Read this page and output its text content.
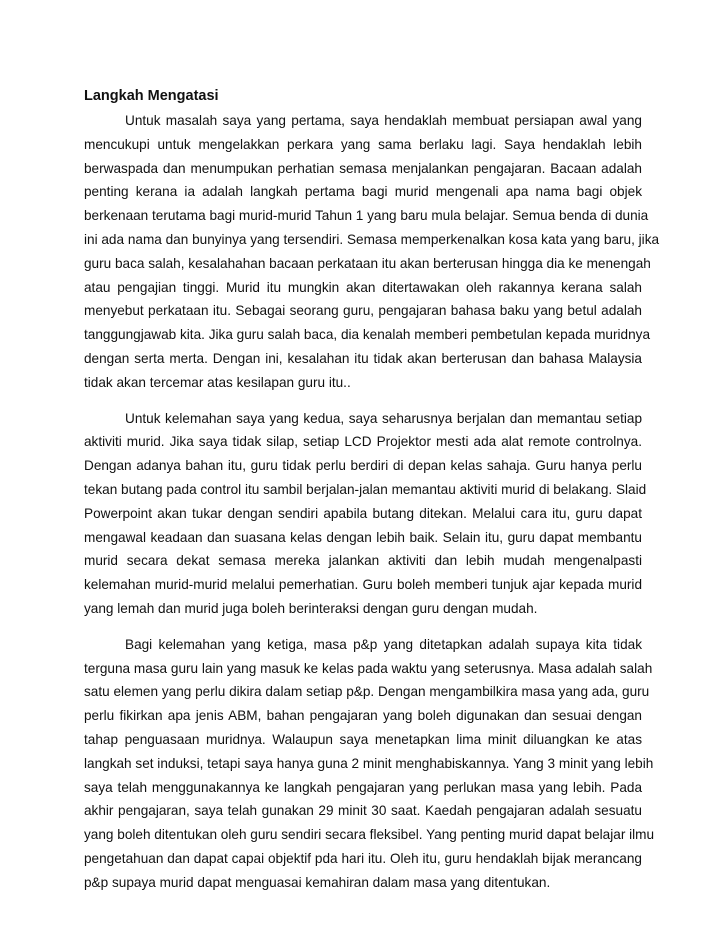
Langkah Mengatasi
Untuk masalah saya yang pertama, saya hendaklah membuat persiapan awal yang
mencukupi untuk mengelakkan perkara yang sama berlaku lagi. Saya hendaklah lebih
berwaspada dan menumpukan perhatian semasa menjalankan pengajaran. Bacaan adalah
penting kerana ia adalah langkah pertama bagi murid mengenali apa nama bagi objek
berkenaan terutama bagi murid-murid Tahun 1 yang baru mula belajar. Semua benda di dunia
ini ada nama dan bunyinya yang tersendiri. Semasa memperkenalkan kosa kata yang baru, jika
guru baca salah, kesalahahan bacaan perkataan itu akan berterusan hingga dia ke menengah
atau pengajian tinggi. Murid itu mungkin akan ditertawakan oleh rakannya kerana salah
menyebut perkataan itu. Sebagai seorang guru, pengajaran bahasa baku yang betul adalah
tanggungjawab kita. Jika guru salah baca, dia kenalah memberi pembetulan kepada muridnya
dengan serta merta. Dengan ini, kesalahan itu tidak akan berterusan dan bahasa Malaysia
tidak akan tercemar atas kesilapan guru itu..
Untuk kelemahan saya yang kedua, saya seharusnya berjalan dan memantau setiap
aktiviti murid. Jika saya tidak silap, setiap LCD Projektor mesti ada alat remote controlnya.
Dengan adanya bahan itu, guru tidak perlu berdiri di depan kelas sahaja. Guru hanya perlu
tekan butang pada control itu sambil berjalan-jalan memantau aktiviti murid di belakang. Slaid
Powerpoint akan tukar dengan sendiri apabila butang ditekan. Melalui cara itu, guru dapat
mengawal keadaan dan suasana kelas dengan lebih baik. Selain itu, guru dapat membantu
murid secara dekat semasa mereka jalankan aktiviti dan lebih mudah mengenalpasti
kelemahan murid-murid melalui pemerhatian. Guru boleh memberi tunjuk ajar kepada murid
yang lemah dan murid juga boleh berinteraksi dengan guru dengan mudah.
Bagi kelemahan yang ketiga, masa p&p yang ditetapkan adalah supaya kita tidak
terguna masa guru lain yang masuk ke kelas pada waktu yang seterusnya. Masa adalah salah
satu elemen yang perlu dikira dalam setiap p&p. Dengan mengambilkira masa yang ada, guru
perlu fikirkan apa jenis ABM, bahan pengajaran yang boleh digunakan dan sesuai dengan
tahap penguasaan muridnya. Walaupun saya menetapkan lima minit diluangkan ke atas
langkah set induksi, tetapi saya hanya guna 2 minit menghabiskannya. Yang 3 minit yang lebih
saya telah menggunakannya ke langkah pengajaran yang perlukan masa yang lebih. Pada
akhir pengajaran, saya telah gunakan 29 minit 30 saat. Kaedah pengajaran adalah sesuatu
yang boleh ditentukan oleh guru sendiri secara fleksibel. Yang penting murid dapat belajar ilmu
pengetahuan dan dapat capai objektif pda hari itu. Oleh itu, guru hendaklah bijak merancang
p&p supaya murid dapat menguasai kemahiran dalam masa yang ditentukan.
